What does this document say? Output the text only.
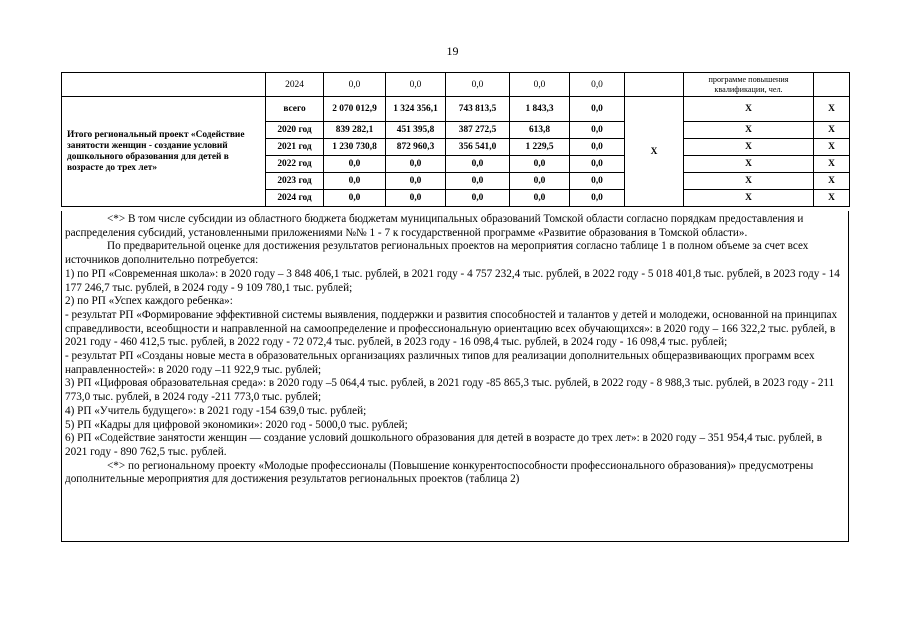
19
	2024	0,0	0,0	0,0	0,0	0,0		программе повышения квалификации, чел.	
Итого региональный проект «Содействие занятости женщин - создание условий дошкольного образования для детей в возрасте до трех лет»	всего	2 070 012,9	1 324 356,1	743 813,5	1 843,3	0,0	X	X	X
	2020 год	839 282,1	451 395,8	387 272,5	613,8	0,0		X	X
	2021 год	1 230 730,8	872 960,3	356 541,0	1 229,5	0,0		X	X
	2022 год	0,0	0,0	0,0	0,0	0,0		X	X
	2023 год	0,0	0,0	0,0	0,0	0,0		X	X
	2024 год	0,0	0,0	0,0	0,0	0,0		X	X

<*> В том числе субсидии из областного бюджета бюджетам муниципальных образований Томской области согласно порядкам предоставления и распределения субсидий, установленными приложениями №№ 1 - 7 к государственной программе «Развитие образования в Томской области».

По предварительной оценке для достижения результатов региональных проектов на мероприятия согласно таблице 1 в полном объеме за счет всех источников дополнительно потребуется:

1) по РП «Современная школа»: в 2020 году – 3 848 406,1 тыс. рублей, в 2021 году - 4 757 232,4 тыс. рублей, в 2022 году - 5 018 401,8 тыс. рублей, в 2023 году - 14 177 246,7 тыс. рублей, в 2024 году - 9 109 780,1 тыс. рублей;

2) по РП «Успех каждого ребенка»:

- результат РП «Формирование эффективной системы выявления, поддержки и развития способностей и талантов у детей и молодежи, основанной на принципах справедливости, всеобщности и направленной на самоопределение и профессиональную ориентацию всех обучающихся»: в 2020 году – 166 322,2 тыс. рублей, в 2021 году - 460 412,5 тыс. рублей, в 2022 году - 72 072,4 тыс. рублей, в 2023 году - 16 098,4 тыс. рублей, в 2024 году - 16 098,4 тыс. рублей;

- результат РП «Созданы новые места в образовательных организациях различных типов для реализации дополнительных общеразвивающих программ всех направленностей»: в 2020 году –11 922,9 тыс. рублей;

3) РП «Цифровая образовательная среда»: в 2020 году –5 064,4 тыс. рублей, в 2021 году -85 865,3 тыс. рублей, в 2022 году - 8 988,3 тыс. рублей, в 2023 году - 211 773,0 тыс. рублей, в 2024 году -211 773,0 тыс. рублей;

4) РП «Учитель будущего»: в 2021 году -154 639,0 тыс. рублей;

5) РП «Кадры для цифровой экономики»: 2020 год - 5000,0 тыс. рублей;

6) РП «Содействие занятости женщин — создание условий дошкольного образования для детей в возрасте до трех лет»: в 2020 году – 351 954,4 тыс. рублей, в 2021 году - 890 762,5 тыс. рублей.

<*> по региональному проекту «Молодые профессионалы (Повышение конкурентоспособности профессионального образования)» предусмотрены дополнительные мероприятия для достижения результатов региональных проектов (таблица 2)
